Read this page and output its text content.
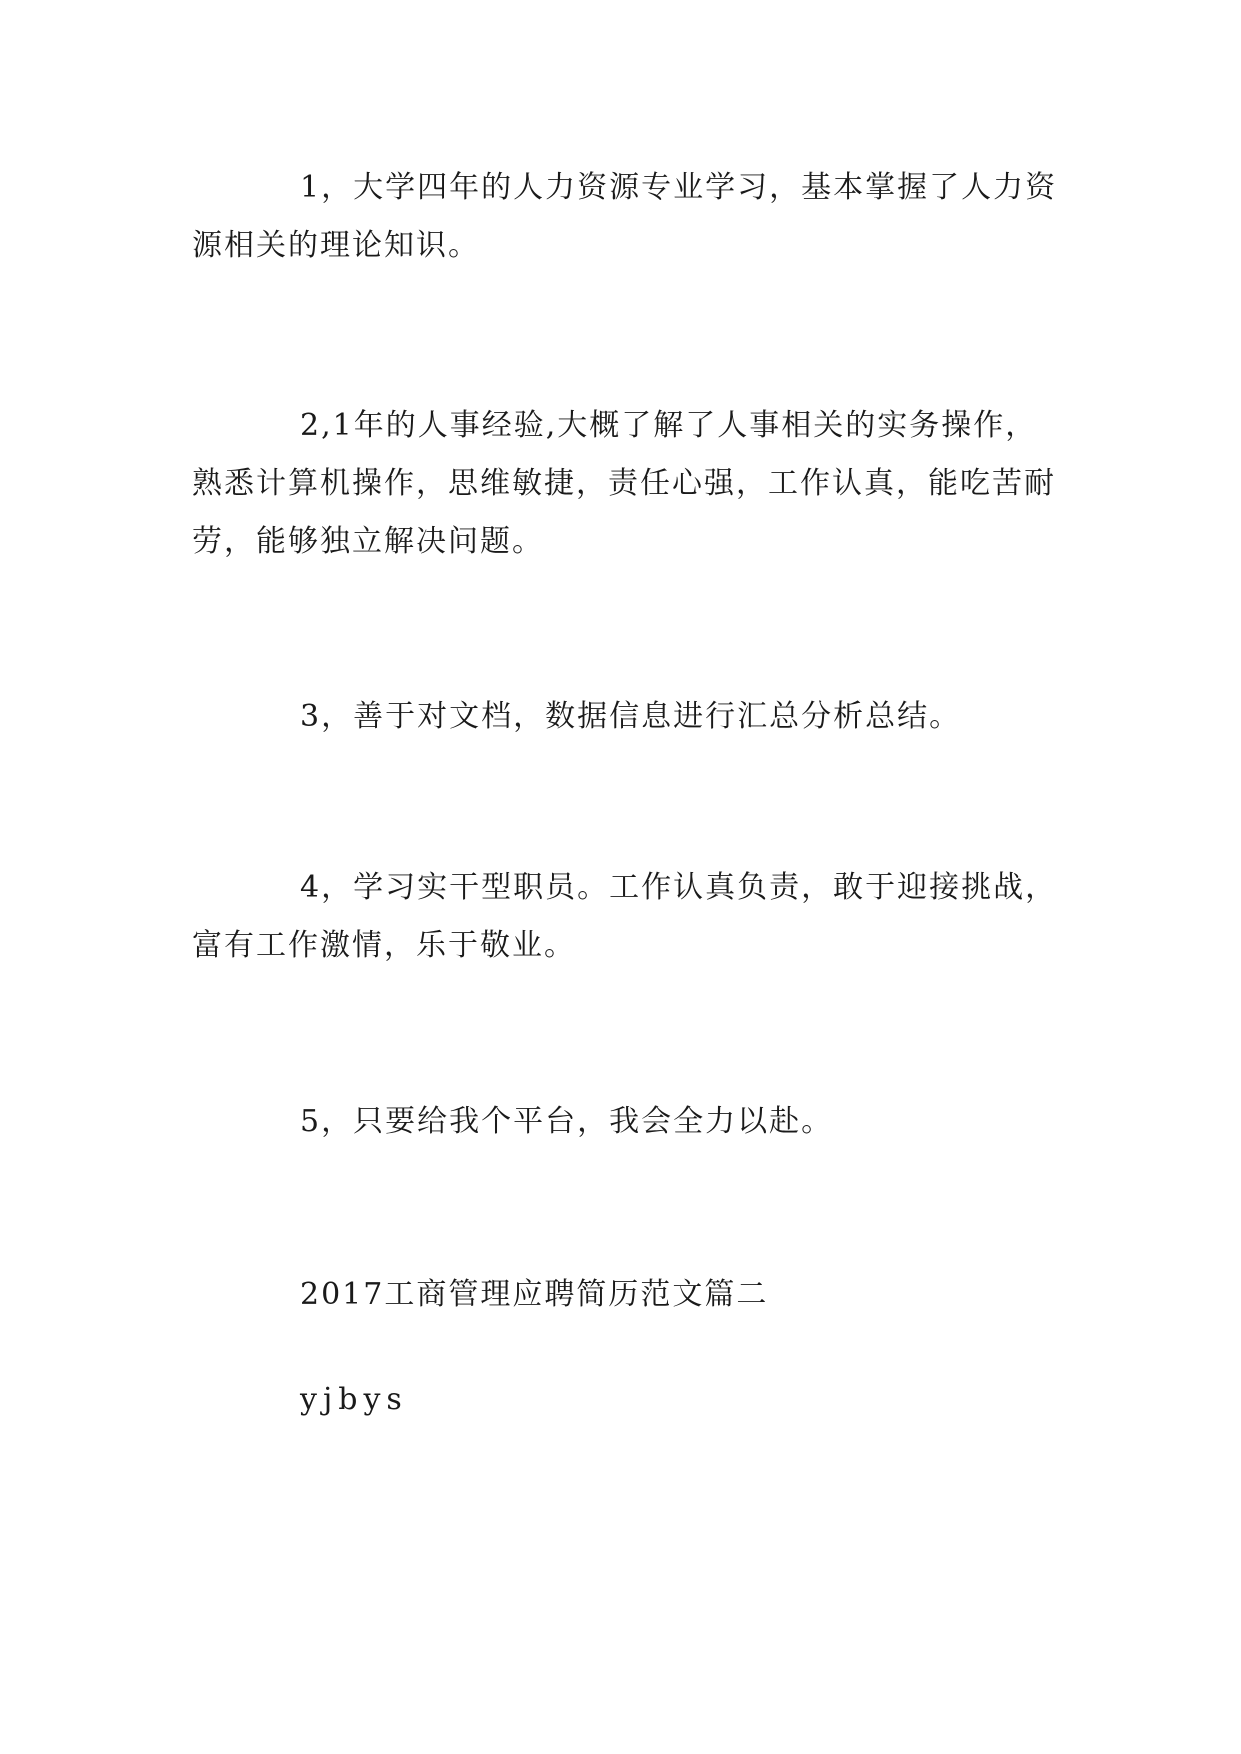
1，大学四年的人力资源专业学习，基本掌握了人力资源相关的理论知识。

2,1年的人事经验,大概了解了人事相关的实务操作，熟悉计算机操作，思维敏捷，责任心强，工作认真，能吃苦耐劳，能够独立解决问题。

3，善于对文档，数据信息进行汇总分析总结。

4，学习实干型职员。工作认真负责，敢于迎接挑战，富有工作激情，乐于敬业。

5，只要给我个平台，我会全力以赴。

2017工商管理应聘简历范文篇二

yjbys
